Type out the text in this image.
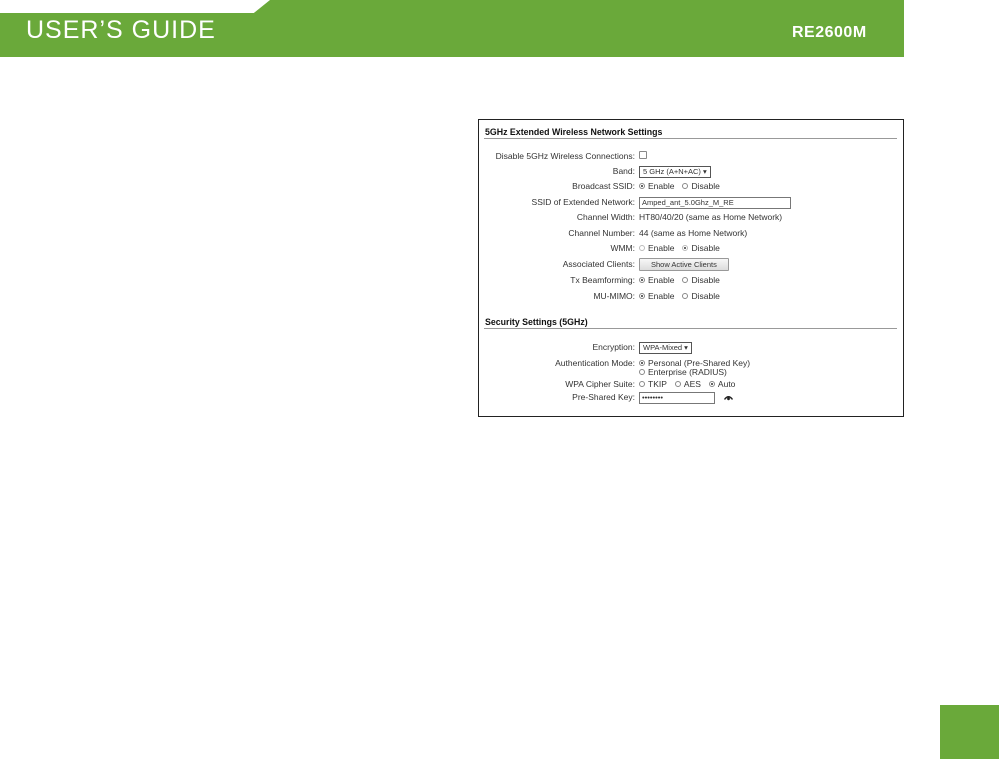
USER’S GUIDE	RE2600M
5GHz Extended Wireless Network Settings
Disable 5GHz Wireless Connections:
Band:	5 GHz (A+N+AC) ▾
Broadcast SSID: Enable Disable
SSID of Extended Network: Amped_ant_5.0Ghz_M_RE
Channel Width: HT80/40/20 (same as Home Network)
Channel Number: 44 (same as Home Network)
WMM: Enable Disable
Associated Clients:	Show Active Clients
Tx Beamforming: Enable Disable
MU-MIMO: Enable Disable
Security Settings (5GHz)
Encryption:	WPA-Mixed ▾
Authentication Mode: Personal (Pre-Shared Key)
Enterprise (RADIUS)
WPA Cipher Suite: TKIP AES Auto
Pre-Shared Key: ••••••••
